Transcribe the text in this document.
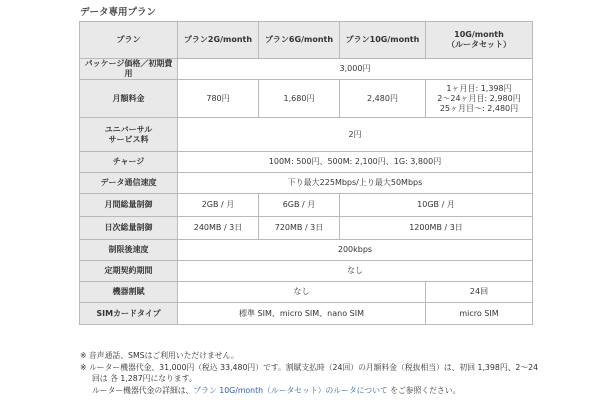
データ専用プラン
プラン	プラン2G/month	プラン6G/month	プラン10G/month	10G/month
（ルータセット）

パッケージ価格／初期費用	3,000円			
月額料金	780円	1,680円	2,480円	1ヶ月目: 1,398円
2〜24ヶ月目: 2,980円
25ヶ月目〜: 2,480円

ユニバーサル
サービス料	2円			
チャージ	100M: 500円、500M: 2,100円、1G: 3,800円			
データ通信速度	下り最大225Mbps/上り最大50Mbps			
月間総量制御	2GB / 月	6GB / 月	10GB / 月	
日次総量制御	240MB / 3日	720MB / 3日	1200MB / 3日	
制限後速度	200kbps			
定期契約期間	なし			
機器割賦	なし			24回
SIMカードタイプ	標準 SIM、micro SIM、nano SIM			micro SIM
※ 音声通話、SMSはご利用いただけません。
※ ルーター機器代金、31,000円（税込 33,480円）です。割賦支払時（24回）の月額料金（税抜相当）は、初回 1,398円、2〜24
回は 各 1,287円になります。
ルーター機器代金の詳細は、プラン 10G/month（ルータセット）のルータについて をご参照ください。
